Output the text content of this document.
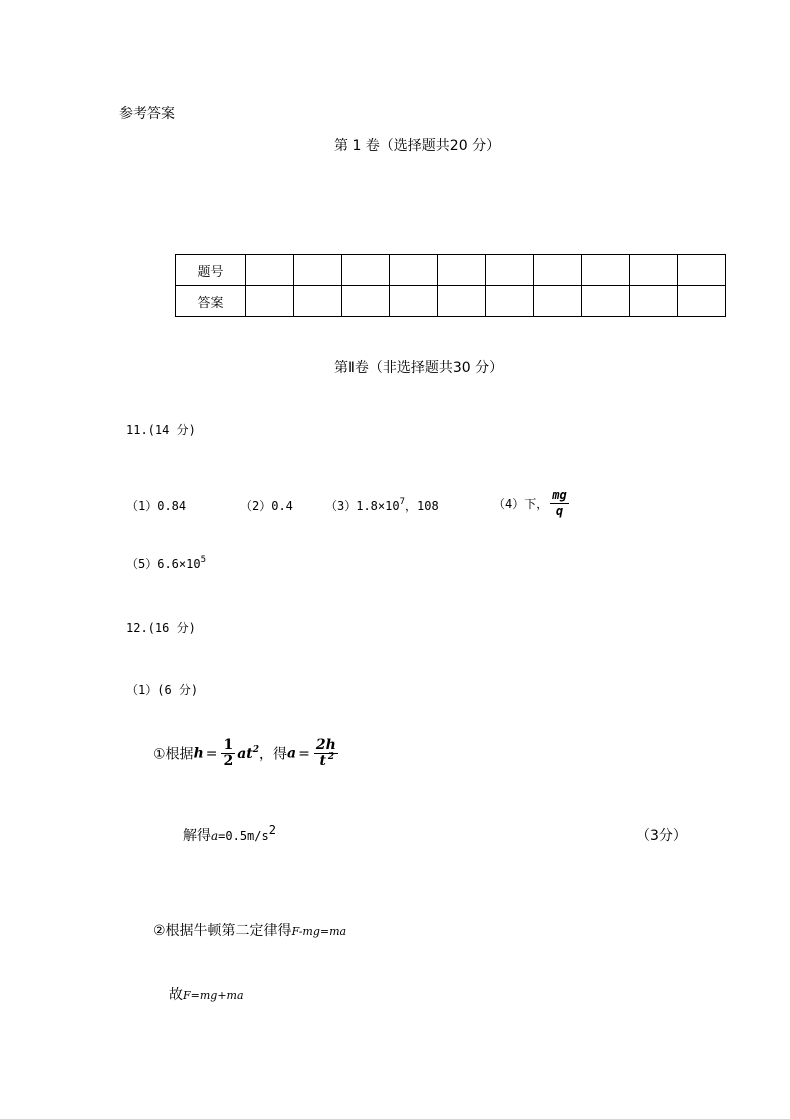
参考答案
第 1 卷（选择题共20 分）
题号										
答案										
第Ⅱ卷（非选择题共30 分）
11.(14 分)
（1）0.84	（2）0.4	$(3)1.8\times 10^7$，108	（4）下， $\frac{mg}{q}$
$(5)6.6\times 10^5$
12.(16 分)
（1）(6 分)
①根据$h = \frac{1}{2} at^2$，得$a = \frac{2h}{t ^2}$
解得$a=0.5m/s^2$	（3分）
②根据牛顿第二定律得F-mg=ma
故F=mg+ma
